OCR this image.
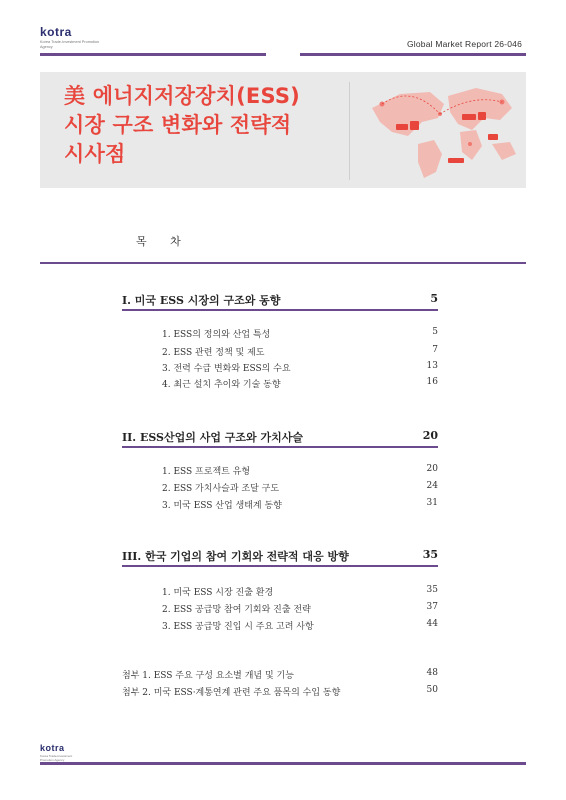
kotra
Korea Trade-Investment Promotion Agency	Global Market Report 26-046
美 에너지저장장치(ESS)
시장 구조 변화와 전략적
시사점
목 차
I. 미국 ESS 시장의 구조와 동향	5
1. ESS의 정의와 산업 특성	5
2. ESS 관련 정책 및 제도	7
3. 전력 수급 변화와 ESS의 수요	13
4. 최근 설치 추이와 기술 동향	16
II. ESS산업의 사업 구조와 가치사슬	20
1. ESS 프로젝트 유형	20
2. ESS 가치사슬과 조달 구도	24
3. 미국 ESS 산업 생태계 동향	31
III. 한국 기업의 참여 기회와 전략적 대응 방향	35
1. 미국 ESS 시장 진출 환경	35
2. ESS 공급망 참여 기회와 진출 전략	37
3. ESS 공급망 진입 시 주요 고려 사항	44
첨부 1. ESS 주요 구성 요소별 개념 및 기능	48
첨부 2. 미국 ESS·계통연계 관련 주요 품목의 수입 동향	50
kotra
Korea Trade-Investment Promotion Agency
